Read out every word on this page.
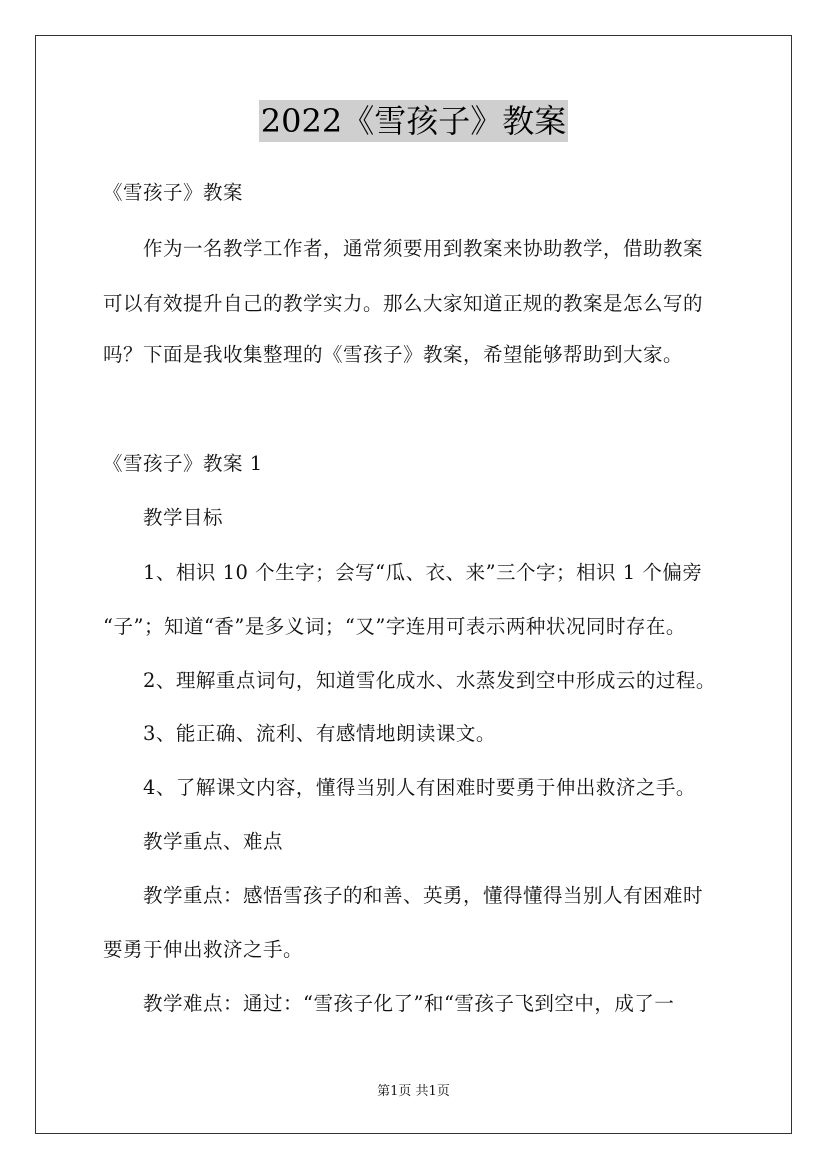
2022《雪孩子》教案
《雪孩子》教案
作为一名教学工作者，通常须要用到教案来协助教学，借助教案
可以有效提升自己的教学实力。那么大家知道正规的教案是怎么写的
吗？下面是我收集整理的《雪孩子》教案，希望能够帮助到大家。
《雪孩子》教案 1
教学目标
1、相识 10 个生字；会写“瓜、衣、来”三个字；相识 1 个偏旁
“子”；知道“香”是多义词；“又”字连用可表示两种状况同时存在。
2、理解重点词句，知道雪化成水、水蒸发到空中形成云的过程。
3、能正确、流利、有感情地朗读课文。
4、了解课文内容，懂得当别人有困难时要勇于伸出救济之手。
教学重点、难点
教学重点：感悟雪孩子的和善、英勇，懂得懂得当别人有困难时
要勇于伸出救济之手。
教学难点：通过：“雪孩子化了”和“雪孩子飞到空中，成了一
第1页 共1页
